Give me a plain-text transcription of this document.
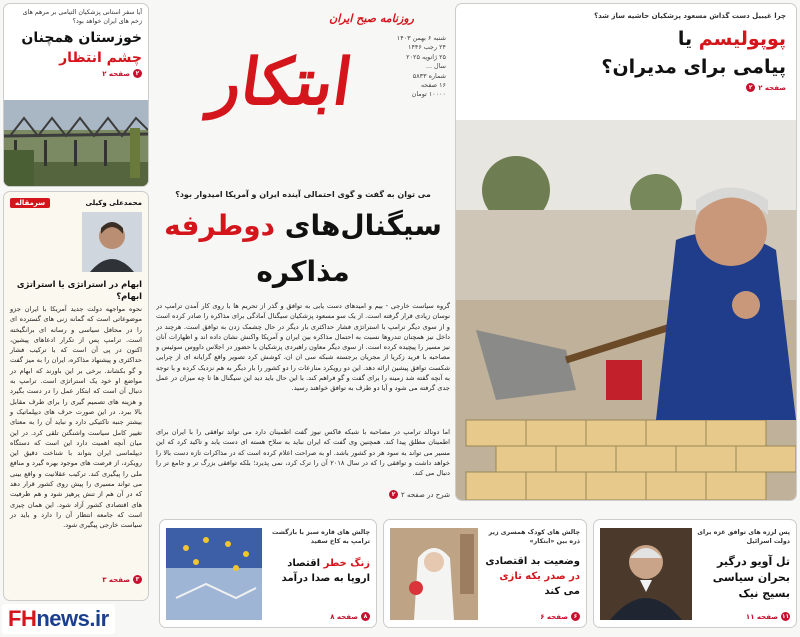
آیا سفر استانی پزشکیان التیامی بر مرهم های زخم های ایران خواهد بود؟
خوزستان همچنان
چشم انتظار
۲
صفحه ۲	ابتکار
روزنامه صبح ایران
شنبه ۶ بهمن ۱۴۰۳
۲۴ رجب ۱۴۴۶
۲۵ ژانویه ۲۰۲۵
سال ...
شماره ۵۸۳۳
۱۶ صفحه
۱۰۰۰۰ تومان
چرا غیبیل دست گذاش مسعود پزشکیان حاشیه ساز شد؟
پوپولیسم یا
پیامی برای مدیران؟
۲ صفحه ۲
محمدعلی وکیلی
سرمقاله
ابهام در استراتژی یا استراتژی ابهام؟
نحوه مواجهه دولت جدید آمریکا با ایران جزو موضوعاتی است که گمانه زنی های گسترده ای را در محافل سیاسی و رسانه ای برانگیخته است. ترامپ پس از تکرار ادعاهای پیشین، اکنون در پی آن است که با ترکیب فشار حداکثری و پیشنهاد مذاکره، ایران را به میز گفت و گو بکشاند. برخی بر این باورند که ابهام در مواضع او خود یک استراتژی است. ترامپ به دنبال آن است که ابتکار عمل را در دست بگیرد و هزینه های تصمیم گیری را برای طرف مقابل بالا ببرد. در این صورت حرف های دیپلماتیک و بیشتر جنبه تاکتیکی دارد و نباید آن را به معنای تغییر کامل سیاست واشنگتن تلقی کرد. در این میان آنچه اهمیت دارد این است که دستگاه دیپلماسی ایران بتواند با شناخت دقیق این رویکرد، از فرصت های موجود بهره گیرد و منافع ملی را پیگیری کند. ترکیب عقلانیت و واقع بینی می تواند مسیری را پیش روی کشور قرار دهد که در آن هم از تنش پرهیز شود و هم ظرفیت های اقتصادی کشور آزاد شود. این همان چیزی است که جامعه انتظار آن را دارد و باید در سیاست خارجی پیگیری شود.
۳
صفحه ۳
می توان به گفت و گوی احتمالی آینده ایران و آمریکا امیدوار بود؟
سیگنال‌های دوطرفه
مذاکره
گروه سیاست خارجی - بیم و امیدهای دست یابی به توافق و گذر از تحریم ها با روی کار آمدن ترامپ در نوسان زیادی قرار گرفته است. از یک سو مسعود پزشکیان سیگنال آمادگی برای مذاکره را صادر کرده است و از سوی دیگر ترامپ با استراتژی فشار حداکثری بار دیگر در حال چشمک زدن به توافق است. هرچند در داخل نیز همچنان تندروها نسبت به احتمال مذاکره بین ایران و آمریکا واکنش نشان داده اند و اظهارات آنان نیز مسیر را پیچیده کرده است. از سوی دیگر معاون راهبردی پزشکیان با حضور در اجلاس داووس سوئیس و مصاحبه با فرید زکریا از مجریان برجسته شبکه سی ان ان، کوشش کرد تصویر واقع گرایانه ای از چرایی شکست توافق پیشین ارائه دهد. این دو رویکرد منازعات را دو کشور را بار دیگر به هم نزدیک کرده و با توجه به آنچه گفته شد زمینه را برای گفت و گو فراهم کند. با این حال باید دید این سیگنال ها تا چه میزان در عمل جدی گرفته می شود و آیا دو طرف به توافق خواهند رسید.
اما دونالد ترامپ در مصاحبه با شبکه فاکس نیوز گفت اطمینان دارد می تواند توافقی را با ایران برای اطمینان مطلق پیدا کند. همچنین وی گفت که ایران نباید به سلاح هسته ای دست یابد و تاکید کرد که این مسیر می تواند به سود هر دو کشور باشد. او به صراحت اعلام کرده است که در مذاکرات تازه دست بالا را خواهد داشت و توافقی را که در سال ۲۰۱۸ آن را ترک کرد، نمی پذیرد؛ بلکه توافقی بزرگ تر و جامع تر را دنبال می کند.
شرح در صفحه ۲
۲
پس لرزه های توافق غزه برای دولت اسرائیل
تل آویو درگیر بحران سیاسی بسیج نیک
۱۱
صفحه ۱۱
چالش های کودک همسری زیر ذره بین «ابتکار»
وضعیت بد اقتصادی
در صدر یکه تازی می کند
۶
صفحه ۶
چالش های قاره سبز با بازگشت ترامپ به کاخ سفید
زنگ خطر اقتصاد اروپا به صدا درآمد
۸
صفحه ۸
FH news.ir
